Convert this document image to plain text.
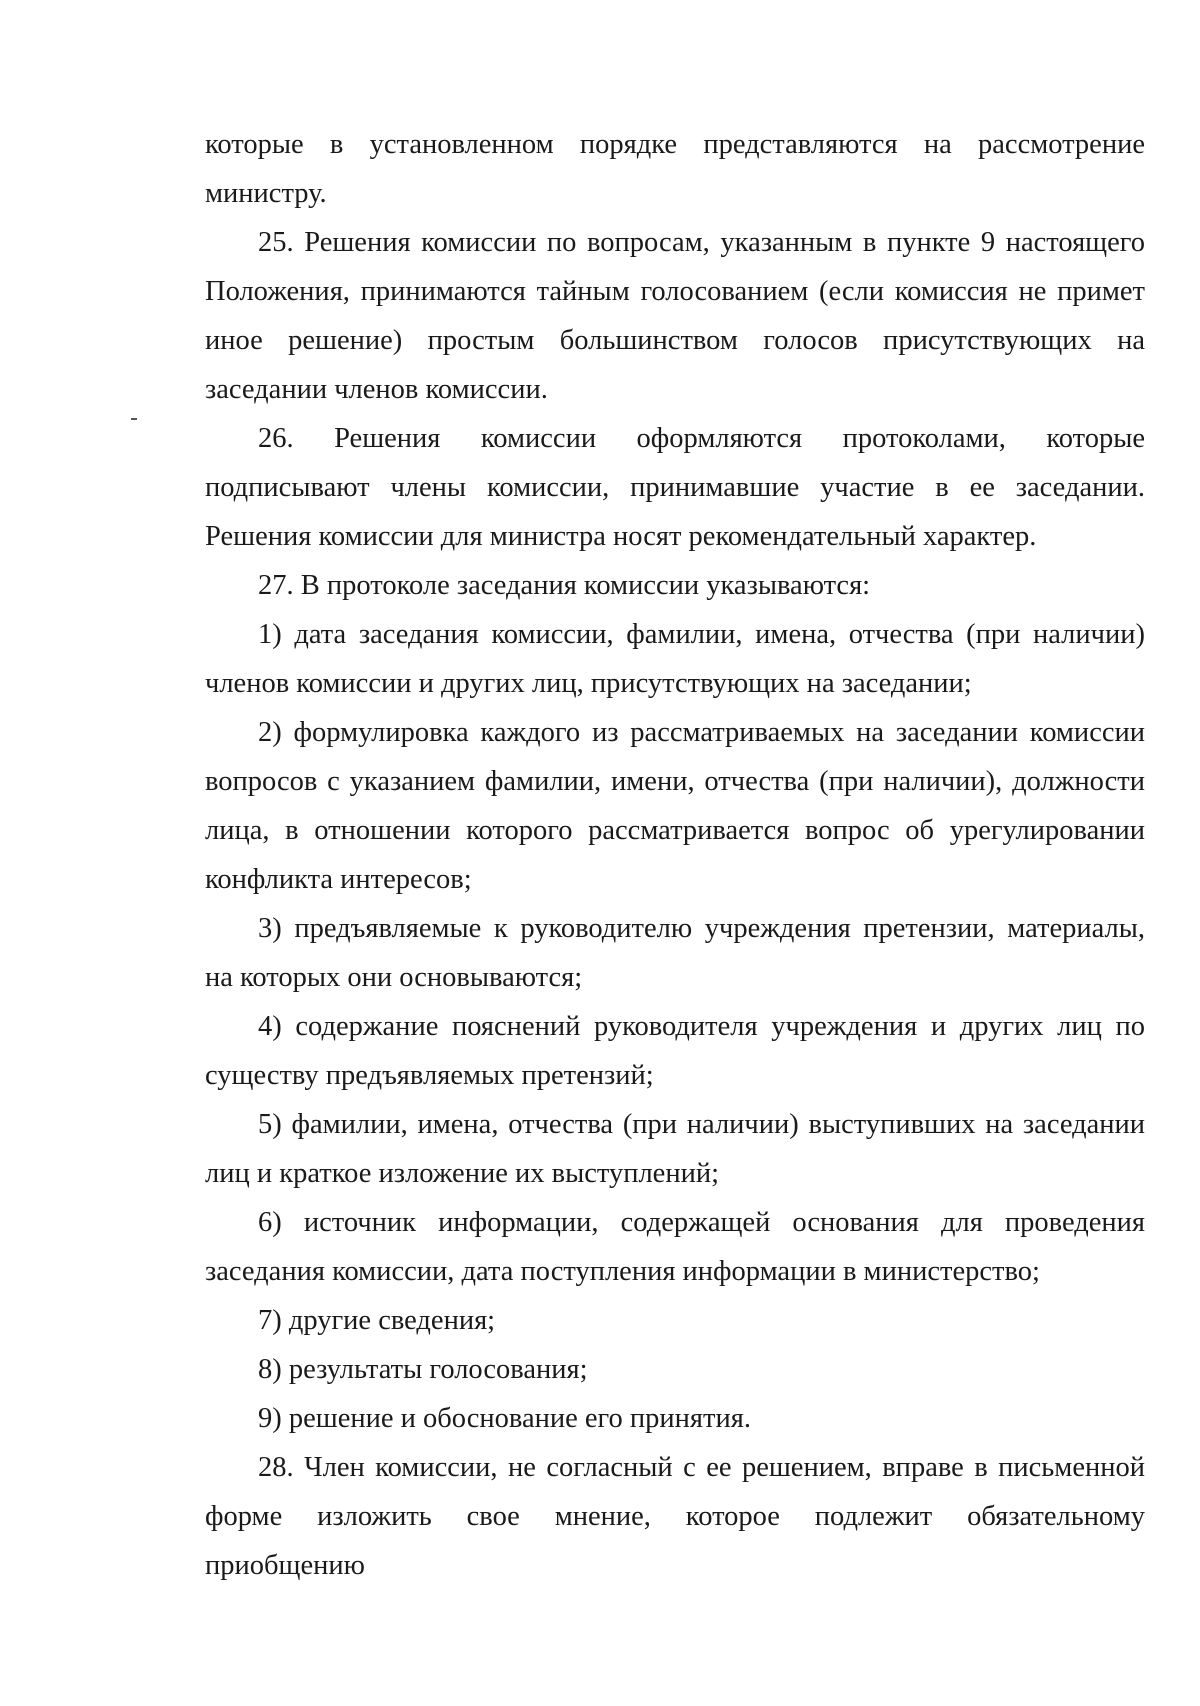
которые в установленном порядке представляются на рассмотрение министру.

25. Решения комиссии по вопросам, указанным в пункте 9 настоящего Положения, принимаются тайным голосованием (если комиссия не примет иное решение) простым большинством голосов присутствующих на заседании членов комиссии.

26. Решения комиссии оформляются протоколами, которые подписывают члены комиссии, принимавшие участие в ее заседании. Решения комиссии для министра носят рекомендательный характер.

27. В протоколе заседания комиссии указываются:

1) дата заседания комиссии, фамилии, имена, отчества (при наличии) членов комиссии и других лиц, присутствующих на заседании;

2) формулировка каждого из рассматриваемых на заседании комиссии вопросов с указанием фамилии, имени, отчества (при наличии), должности лица, в отношении которого рассматривается вопрос об урегулировании конфликта интересов;

3) предъявляемые к руководителю учреждения претензии, материалы, на которых они основываются;

4) содержание пояснений руководителя учреждения и других лиц по существу предъявляемых претензий;

5) фамилии, имена, отчества (при наличии) выступивших на заседании лиц и краткое изложение их выступлений;

6) источник информации, содержащей основания для проведения заседания комиссии, дата поступления информации в министерство;

7) другие сведения;

8) результаты голосования;

9) решение и обоснование его принятия.

28. Член комиссии, не согласный с ее решением, вправе в письменной форме изложить свое мнение, которое подлежит обязательному приобщению
